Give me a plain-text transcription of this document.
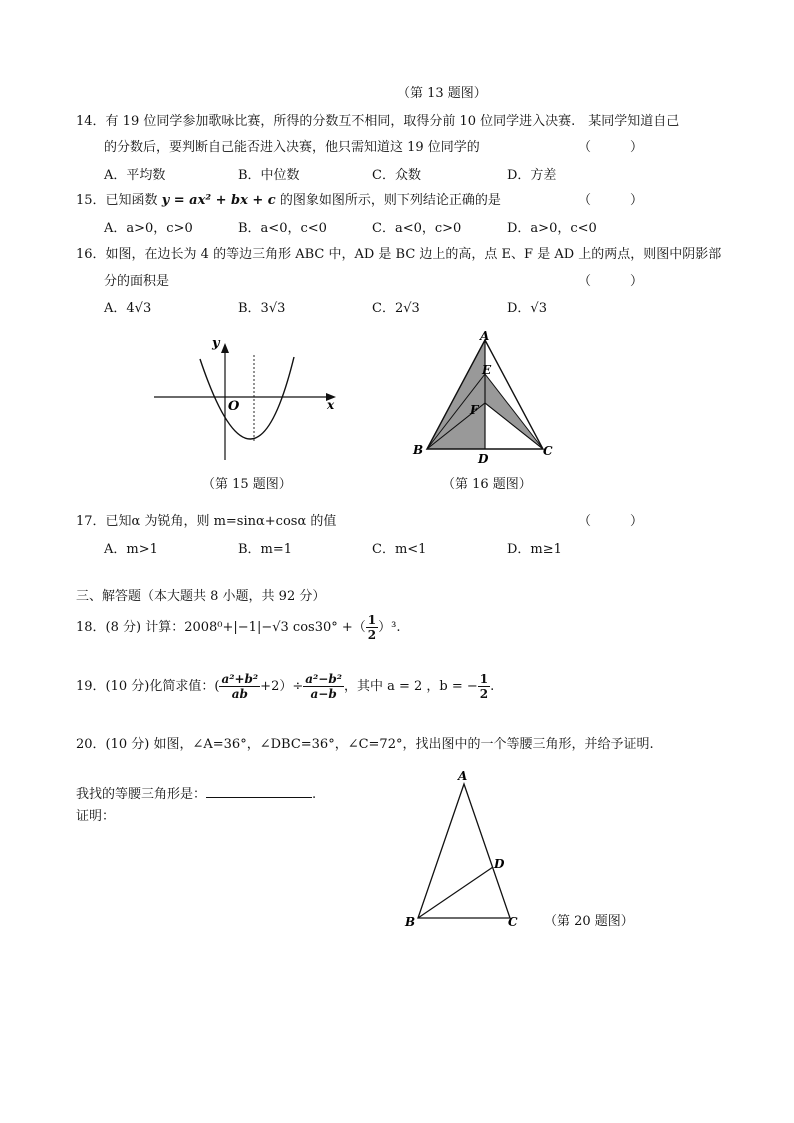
（第 13 题图）
14．有 19 位同学参加歌咏比赛，所得的分数互不相同，取得分前 10 位同学进入决赛.　某同学知道自己
的分数后，要判断自己能否进入决赛，他只需知道这 19 位同学的	（　　　）
A．平均数	B．中位数	C．众数	D．方差
15．已知函数 y = ax² + bx + c 的图象如图所示，则下列结论正确的是	（　　　）
A．a>0，c>0	B．a<0，c<0	C．a<0，c>0	D．a>0，c<0
16．如图，在边长为 4 的等边三角形 ABC 中，AD 是 BC 边上的高，点 E、F 是 AD 上的两点，则图中阴影部
分的面积是	（　　　）
A．4√3	B．3√3	C．2√3	D．√3
y
x
O
（第 15 题图）
A
B	C
D
E
F
（第 16 题图）
17．已知α 为锐角，则 m=sinα+cosα 的值	（　　　）
A．m>1	B．m=1	C．m<1	D．m≥1
三、解答题（本大题共 8 小题，共 92 分）
18．(8 分) 计算：2008⁰+|−1|−√3 cos30° +（ $\frac{1}{2} )^3$.
19．(10 分)化简求值：( $\frac{\text{a²+b²}}{ab} +2)\div \frac{\text{a²−b²}}{a-b}$ ，其中 a = 2 ，b = − $\frac{1}{2}$ .
20．(10 分) 如图，∠A=36°，∠DBC=36°，∠C=72°，找出图中的一个等腰三角形，并给予证明.
我找的等腰三角形是：	.
证明：
A
B	C
D
（第 20 题图）
